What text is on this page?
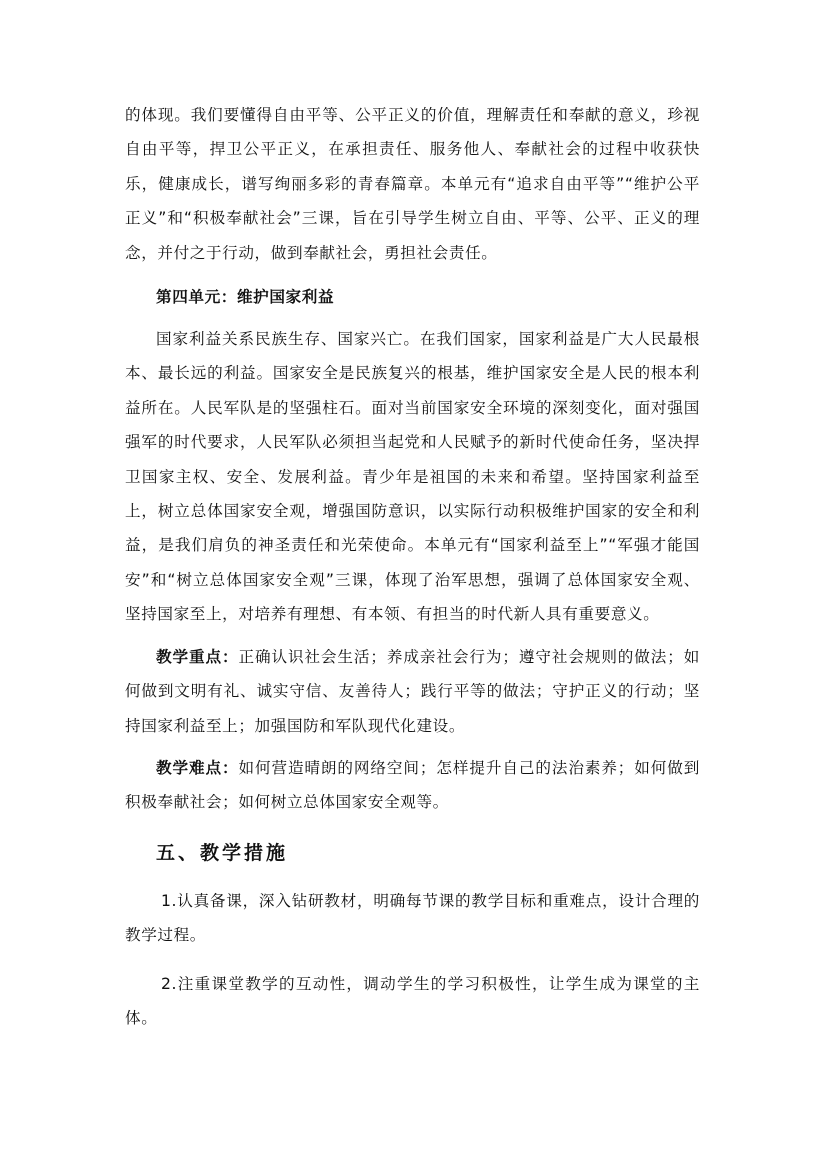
的体现。我们要懂得自由平等、公平正义的价值，理解责任和奉献的意义，珍视自由平等，捍卫公平正义，在承担责任、服务他人、奉献社会的过程中收获快乐，健康成长，谱写绚丽多彩的青春篇章。本单元有“追求自由平等”“维护公平正义”和“积极奉献社会”三课，旨在引导学生树立自由、平等、公平、正义的理念，并付之于行动，做到奉献社会，勇担社会责任。

第四单元：维护国家利益

国家利益关系民族生存、国家兴亡。在我们国家，国家利益是广大人民最根本、最长远的利益。国家安全是民族复兴的根基，维护国家安全是人民的根本利益所在。人民军队是的坚强柱石。面对当前国家安全环境的深刻变化，面对强国强军的时代要求，人民军队必须担当起党和人民赋予的新时代使命任务，坚决捍卫国家主权、安全、发展利益。青少年是祖国的未来和希望。坚持国家利益至上，树立总体国家安全观，增强国防意识，以实际行动积极维护国家的安全和利益，是我们肩负的神圣责任和光荣使命。本单元有“国家利益至上”“军强才能国安”和“树立总体国家安全观”三课，体现了治军思想，强调了总体国家安全观、坚持国家至上，对培养有理想、有本领、有担当的时代新人具有重要意义。

教学重点：正确认识社会生活；养成亲社会行为；遵守社会规则的做法；如何做到文明有礼、诚实守信、友善待人；践行平等的做法；守护正义的行动；坚持国家利益至上；加强国防和军队现代化建设。

教学难点：如何营造晴朗的网络空间；怎样提升自己的法治素养；如何做到积极奉献社会；如何树立总体国家安全观等。

五、教学措施

1.认真备课，深入钻研教材，明确每节课的教学目标和重难点，设计合理的教学过程。

2.注重课堂教学的互动性，调动学生的学习积极性，让学生成为课堂的主体。
